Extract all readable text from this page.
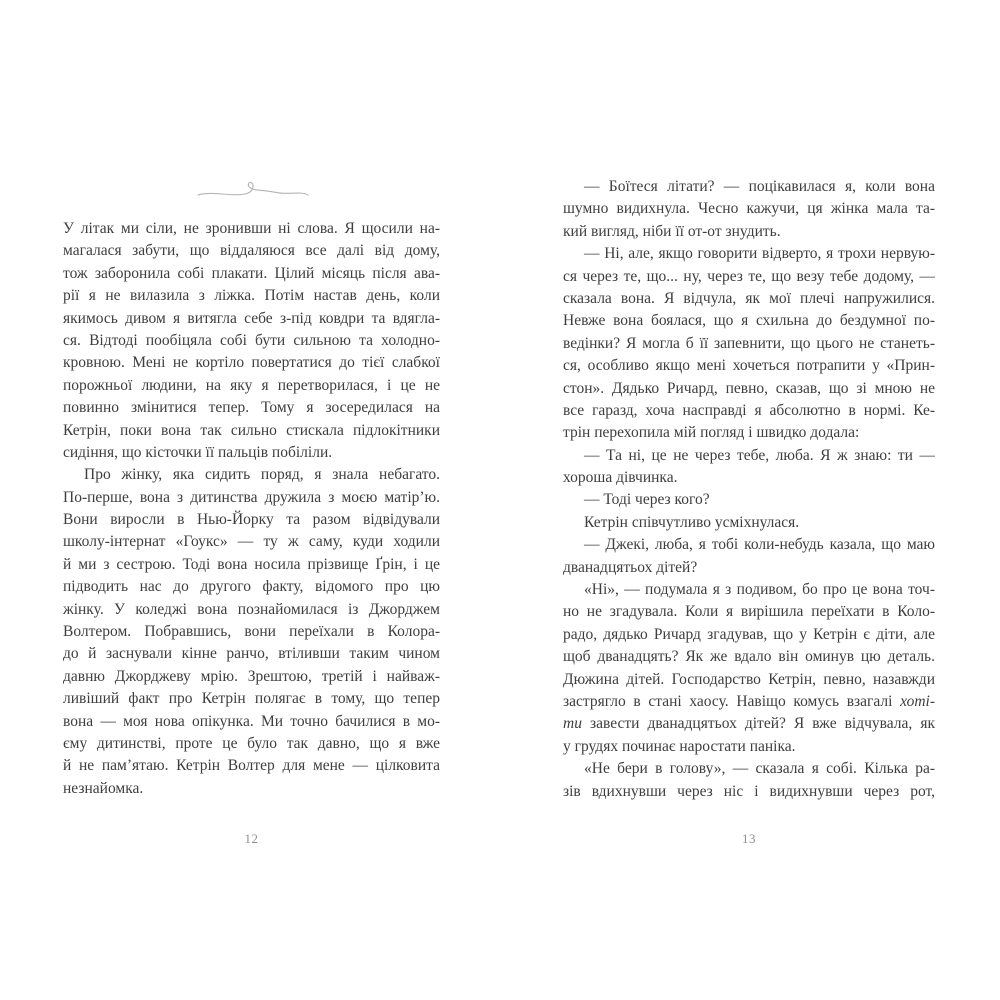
У літак ми сіли, не зронивши ні слова. Я щосили на-
магалася забути, що віддаляюся все далі від дому,
тож заборонила собі плакати. Цілий місяць після ава-
рії я не вилазила з ліжка. Потім настав день, коли
якимось дивом я витягла себе з-під ковдри та вдягла-
ся. Відтоді пообіцяла собі бути сильною та холодно-
кровною. Мені не кортіло повертатися до тієї слабкої
порожньої людини, на яку я перетворилася, і це не
повинно змінитися тепер. Тому я зосередилася на
Кетрін, поки вона так сильно стискала підлокітники
сидіння, що кісточки її пальців побіліли.
Про жінку, яка сидить поряд, я знала небагато.
По-перше, вона з дитинства дружила з моєю матір’ю.
Вони виросли в Нью-Йорку та разом відвідували
школу-інтернат «Гоукс» — ту ж саму, куди ходили
й ми з сестрою. Тоді вона носила прізвище Ґрін, і це
підводить нас до другого факту, відомого про цю
жінку. У коледжі вона познайомилася із Джорджем
Волтером. Побравшись, вони переїхали в Колора-
до й заснували кінне ранчо, втіливши таким чином
давню Джорджеву мрію. Зрештою, третій і найваж-
ливіший факт про Кетрін полягає в тому, що тепер
вона — моя нова опікунка. Ми точно бачилися в мо-
єму дитинстві, проте це було так давно, що я вже
й не пам’ятаю. Кетрін Волтер для мене — цілковита
незнайомка.
12
— Боїтеся літати? — поцікавилася я, коли вона
шумно видихнула. Чесно кажучи, ця жінка мала та-
кий вигляд, ніби її от-от знудить.
— Ні, але, якщо говорити відверто, я трохи нервую-
ся через те, що... ну, через те, що везу тебе додому, —
сказала вона. Я відчула, як мої плечі напружилися.
Невже вона боялася, що я схильна до бездумної по-
ведінки? Я могла б її запевнити, що цього не станеть-
ся, особливо якщо мені хочеться потрапити у «Прин-
стон». Дядько Ричард, певно, сказав, що зі мною не
все гаразд, хоча насправді я абсолютно в нормі. Ке-
трін перехопила мій погляд і швидко додала:
— Та ні, це не через тебе, люба. Я ж знаю: ти —
хороша дівчинка.
— Тоді через кого?
Кетрін співчутливо усміхнулася.
— Джекі, люба, я тобі коли-небудь казала, що маю
дванадцятьох дітей?
«Ні», — подумала я з подивом, бо про це вона точ-
но не згадувала. Коли я вирішила переїхати в Коло-
радо, дядько Ричард згадував, що у Кетрін є діти, але
щоб дванадцять? Як же вдало він оминув цю деталь.
Дюжина дітей. Господарство Кетрін, певно, назавжди
застрягло в стані хаосу. Навіщо комусь взагалі хоті-
ти завести дванадцятьох дітей? Я вже відчувала, як
у грудях починає наростати паніка.
«Не бери в голову», — сказала я собі. Кілька ра-
зів вдихнувши через ніс і видихнувши через рот,
13
